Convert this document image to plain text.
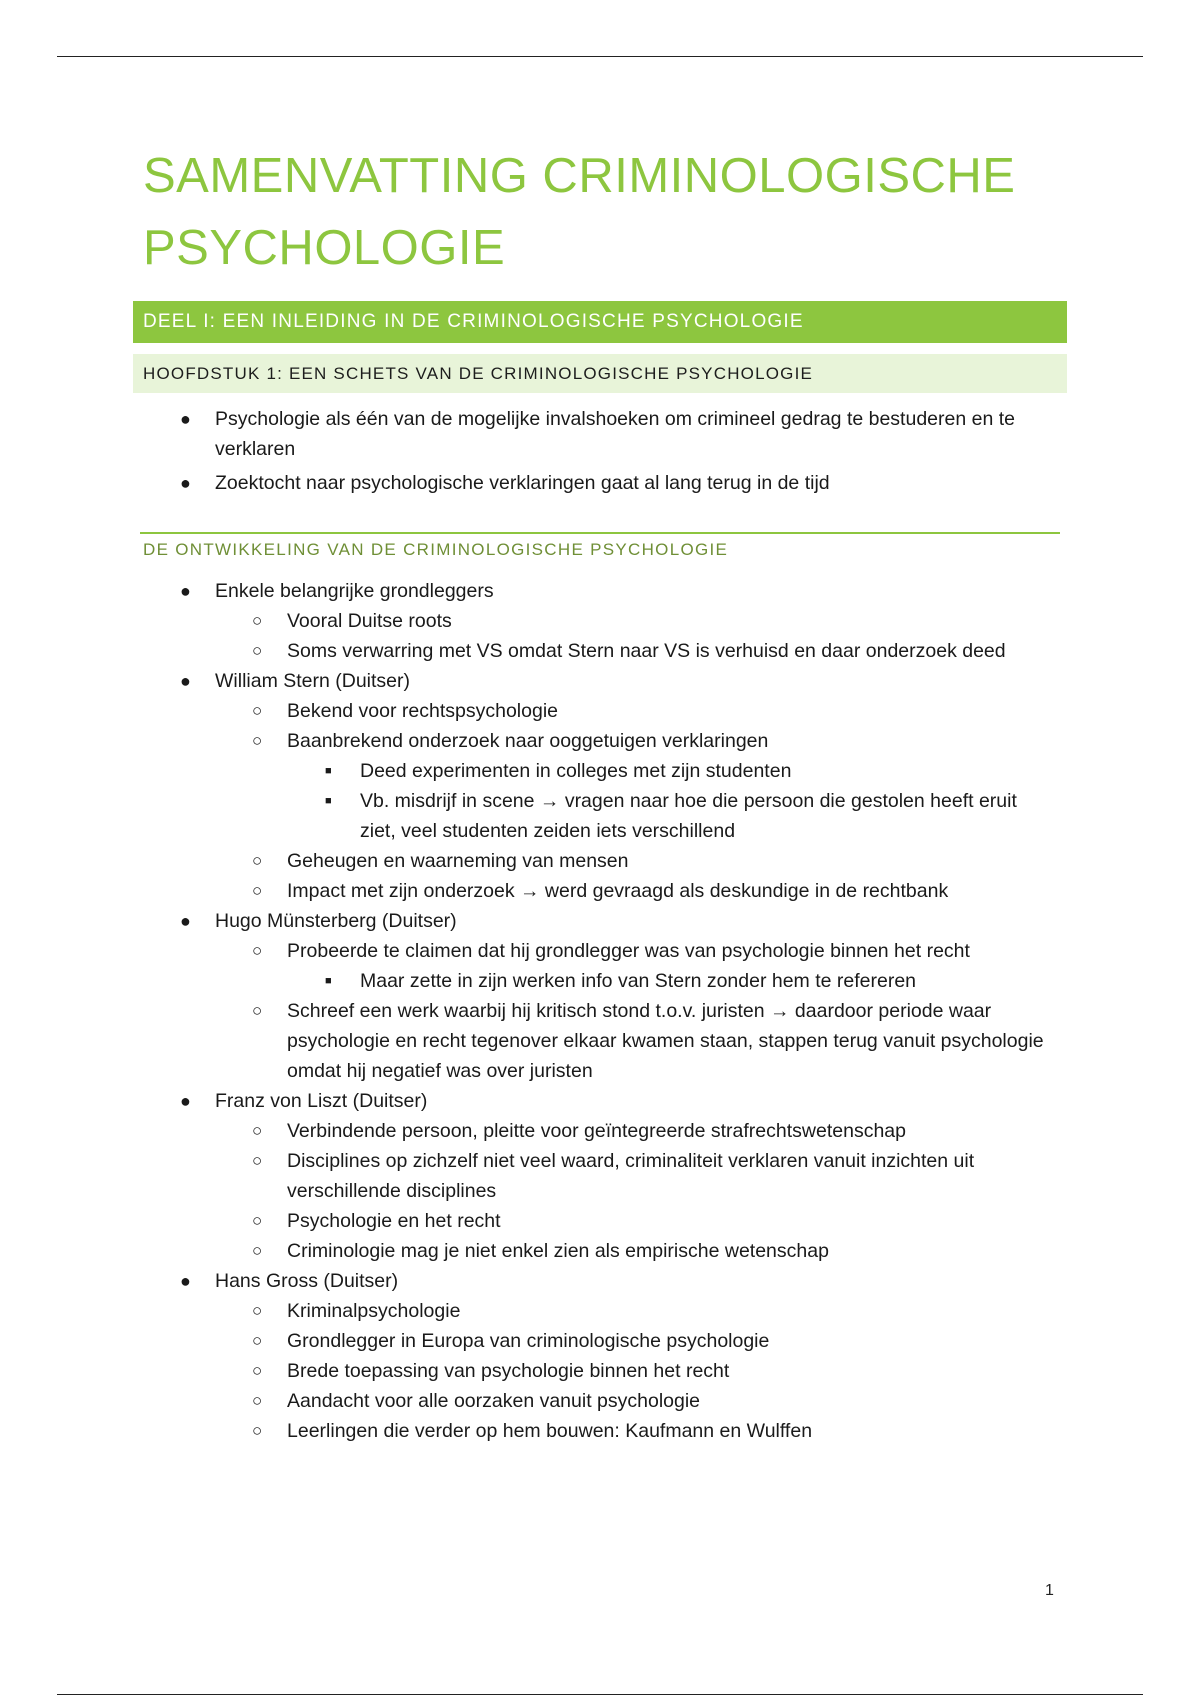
SAMENVATTING CRIMINOLOGISCHE
PSYCHOLOGIE
DEEL I: EEN INLEIDING IN DE CRIMINOLOGISCHE PSYCHOLOGIE
HOOFDSTUK 1: EEN SCHETS VAN DE CRIMINOLOGISCHE PSYCHOLOGIE
● Psychologie als één van de mogelijke invalshoeken om crimineel gedrag te bestuderen en te verklaren
● Zoektocht naar psychologische verklaringen gaat al lang terug in de tijd
DE ONTWIKKELING VAN DE CRIMINOLOGISCHE PSYCHOLOGIE
● Enkele belangrijke grondleggers
○ Vooral Duitse roots
○ Soms verwarring met VS omdat Stern naar VS is verhuisd en daar onderzoek deed
● William Stern (Duitser)
○ Bekend voor rechtspsychologie
○ Baanbrekend onderzoek naar ooggetuigen verklaringen
■ Deed experimenten in colleges met zijn studenten
■ Vb. misdrijf in scene → vragen naar hoe die persoon die gestolen heeft eruit ziet, veel studenten zeiden iets verschillend
○ Geheugen en waarneming van mensen
○ Impact met zijn onderzoek → werd gevraagd als deskundige in de rechtbank
● Hugo Münsterberg (Duitser)
○ Probeerde te claimen dat hij grondlegger was van psychologie binnen het recht
■ Maar zette in zijn werken info van Stern zonder hem te refereren
○ Schreef een werk waarbij hij kritisch stond t.o.v. juristen → daardoor periode waar psychologie en recht tegenover elkaar kwamen staan, stappen terug vanuit psychologie omdat hij negatief was over juristen
● Franz von Liszt (Duitser)
○ Verbindende persoon, pleitte voor geïntegreerde strafrechtswetenschap
○ Disciplines op zichzelf niet veel waard, criminaliteit verklaren vanuit inzichten uit verschillende disciplines
○ Psychologie en het recht
○ Criminologie mag je niet enkel zien als empirische wetenschap
● Hans Gross (Duitser)
○ Kriminalpsychologie
○ Grondlegger in Europa van criminologische psychologie
○ Brede toepassing van psychologie binnen het recht
○ Aandacht voor alle oorzaken vanuit psychologie
○ Leerlingen die verder op hem bouwen: Kaufmann en Wulffen
1
